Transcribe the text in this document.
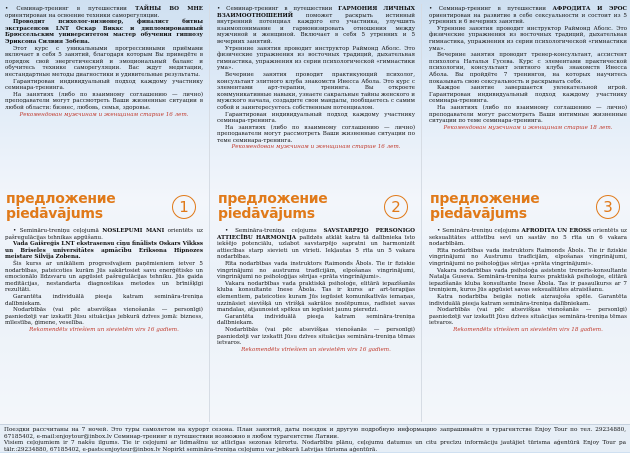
• Семинар-тренинг в путешествии ТАЙНЫ ВО МНЕ ориентирован на освоение техники саморегуляции.

Проводит психолог-визионер, финалист битвы экстрасенсов LNT Оскар Виккс и дипломированный Брюссельским университетом мастер обучения гипнозу Эриксона Силвия Зобена.

Этот курс с уникальными прогрессивными приёмами включает в себя 5 занятий, благодаря которым Вы приведёте в порядок свой энергетический и эмоциональный баланс и обучитесь технике саморегуляции. Вас ждут медитации, нестандартные методы диагностики и удивительные результаты.

Гарантирован индивидуальный подход каждому участнику семинара-тренинга.

На занятиях (либо по взаимному соглашению — лично) преподаватели могут рассмотреть Ваши жизненные ситуации в любой области: бизнес, любовь, семья, здоровье.

Рекомендован мужчинам и женщинам старше 16 лет.

предложение
piedāvājums	1

• Semināru-treniņu ceļojumā NOSLĒPUMI MANĪ orientēts uz pašregulācijas tehnikas apgūšanu.

Vada Gaišreģis LNT ekstrasensu cīņu finālists Oskars Vikkss un Briseles universitātes apmācību Eriksona Hipnozes meistare Silvija Zobena.

Šis kurss ar unikāliem progresīvajiem paņēmieniem ietver 5 nodarbības, pateicoties kurām Jūs sakārtosiet savu enerģētisko un emocionālo līdzsvaru un apgūsiet pašregulācijas tehniku. Jūs gaida meditācijas, nestandarta diagnostikas metodes un brīnišķīgi rezultāti.

Garantēta individuālā pieeja katram semināra-treniņa dalībniekam.

Nodarbībās (vai pēc atsevišķas vienošanās — personīgi) pasniedzēji var izskatīt Jūsu situācijas jebkurā dzīves jomā: bizness, mīlestība, ģimene, veselība.

Rekomendēts vīriešiem un sievietēm virs 16 gadiem.

• Семинар-тренинг в путешествии ГАРМОНИЯ ЛИЧНЫХ ВЗАИМООТНОШЕНИЙ поможет раскрыть истинный внутренний потенциал каждого его участника, улучшить взаимопонимание и гармонизировать отношения между мужчиной и женщиной. Включает в себя 5 утренних и 5 вечерних занятий.

Утренние занятия проводит инструктор Раймонд Аболс. Это физические упражнения из восточных традиций, дыхательная гимнастика, упражнения из серии психологической «гимнастики ума».

Вечерние занятия проводит практикующий психолог, консультант элитного клуба знакомств Инесса Абола. Это курс с элементами арт-терапии, тренинга. Вы откроете коммуникативные навыки, узнаете сакральные тайны женского и мужского начала, создадите свои мандалы, пообщаетесь с самим собой и заинтересуетесь собственным потенциалом.

Гарантирован индивидуальный подход каждому участнику семинара-тренинга.

На занятиях (либо по взаимному соглашению — лично) преподаватели могут рассмотреть Ваши жизненные ситуации по теме семинара-тренинга.

Рекомендован мужчинам и женщинам старше 16 лет.

предложение
piedāvājums	2

• Semināra-treniņa ceļojums SAVSTARPĒJO PERSONĪGO ATTIECĪBU HARMONIJA palīdzēs atklāt katra tā dalībnieka īsto iekšējo potenciālu, uzlabot savstarpējo sapratni un harmonizēt attiecības starp sievieti un vīrieti. Iekļautas 5 rīta un 5 vakara nodarbības.

Rīta nodarbības vada instruktors Raimonds Ābols. Tie ir fiziskie vingrinājumi no austrumu tradīcijām, elpošanas vingrinājumi, vingrinājumi no psiholoģijas sērijas «prāta vingrinājumi».

Vakara nodarbības vada praktiskā psiholoģe, elitārā iepazīšanās kluba konsultante Inese Ābola. Tas ir kurss ar art-terapijas elementiem, pateicoties kuram Jūs iegūsiet komunikatīvās iemaņas, uzzināsiet sievišķā un vīrišķā sakrālos noslēpumus, radīsiet savas mandalas, atjaunosiet spēkus un iegūsiet jaunu pieredzi.

Garantēta individuālā pieeja katram semināra-treniņa dalībniekam.

Nodarbībās (vai pēc atsevišķas vienošanās — personīgi) pasniedzēji var izskatīt Jūsu dzīves situācijas semināra-treniņa tēmas ietvaros.

Rekomendēts vīriešiem un sievietēm virs 16 gadiem.

• Семинар-тренинг в путешествии АФРОДИТА И ЭРОС ориентирован на развитие в себе сексуальности и состоит из 5 утренних и 6 вечерних занятий.

Утренние занятия проводит инструктор Раймонд Аболс. Это физические упражнения из восточных традиций, дыхательная гимнастика, упражнения из серии психологической «гимнастики ума».

Вечерние занятия проводит тренер-консультант, ассистент психолога Наталья Гусева. Курс с элементами практической психологии, консультант элитного клуба знакомств Инесса Абола. Вы пройдёте 7 тренингов, на которых научитесь показывать свою сексуальность и раскрывать себя.

Каждое занятие завершается увлекательной игрой. Гарантирован индивидуальный подход каждому участнику семинара-тренинга.

На занятиях (либо по взаимному соглашению — лично) преподаватели могут рассмотреть Ваши интимные жизненные ситуации по теме семинара-тренинга.

Рекомендован мужчинам и женщинам старше 18 лет.

предложение
piedāvājums	3

• Semināru-treniņu ceļojums AFRODĪTA UN EROSS orientēts uz seksualitātes attīstību sevī un sastāv no 5 rīta un 6 vakara nodarbībām.

Rīta nodarbības vada instruktors Raimonds Ābols. Tie ir fiziskie vingrinājumi no Austrumu tradīcijām, elpošanas vingrinājumi, vingrinājumi no psiholoģijas sērijas «prāta vingrinājumi».

Vakara nodarbības vada psiholoģa asistente treneris-konsultante Natalja Guseva. Semināra-treniņa kurss praktiskā psiholoģe, elitārā iepazīšanās kluba konsultante Inese Ābola. Tas ir pasaulkurss ar 7 treniņiem, kuros Jūs apgūsiet savas seksualitātes atraisīšanu.

Katra nodarbība beigās notiek aizraujoša spēle. Garantēta individuālā pieeja katram semināra-treniņa dalībniekam.

Nodarbībās (vai pēc atsevišķas vienošanās — personīgi) pasniedzēji var izskatīt Jūsu dzīves situācijas semināra-treniņa tēmas ietvaros.

Rekomendēts vīriešiem un sievietēm virs 18 gadiem.

Поездки рассчитаны на 7 ночей. Это туры самолетом на курорт сезона. План занятий, даты поездок и другую подробную информацию запрашивайте в турагентстве Enjoy Tour по тел. 29234880, 67185402, e-mail:enjoytour@inbox.lv Семинар-тренинг в путешествии возможно в любом турагентстве Латвии.

Visiem ceļojumiem ir 7 nakšu ilgums. Tie ir ceļojumi ar lidmašīnu uz atlicīgas sezonas kūrortu. Nodarbību plānu, ceļojumu datumus un citu precīzu informāciju jautājiet tūrisma aģentūrā Enjoy Tour pa tālr.:29234880, 67185402, e-pasts:enjoytour@inbox.lv Nopirkt semināra-treniņa ceļojumu var jebkurā Latvijas tūrisma aģentūrā.
